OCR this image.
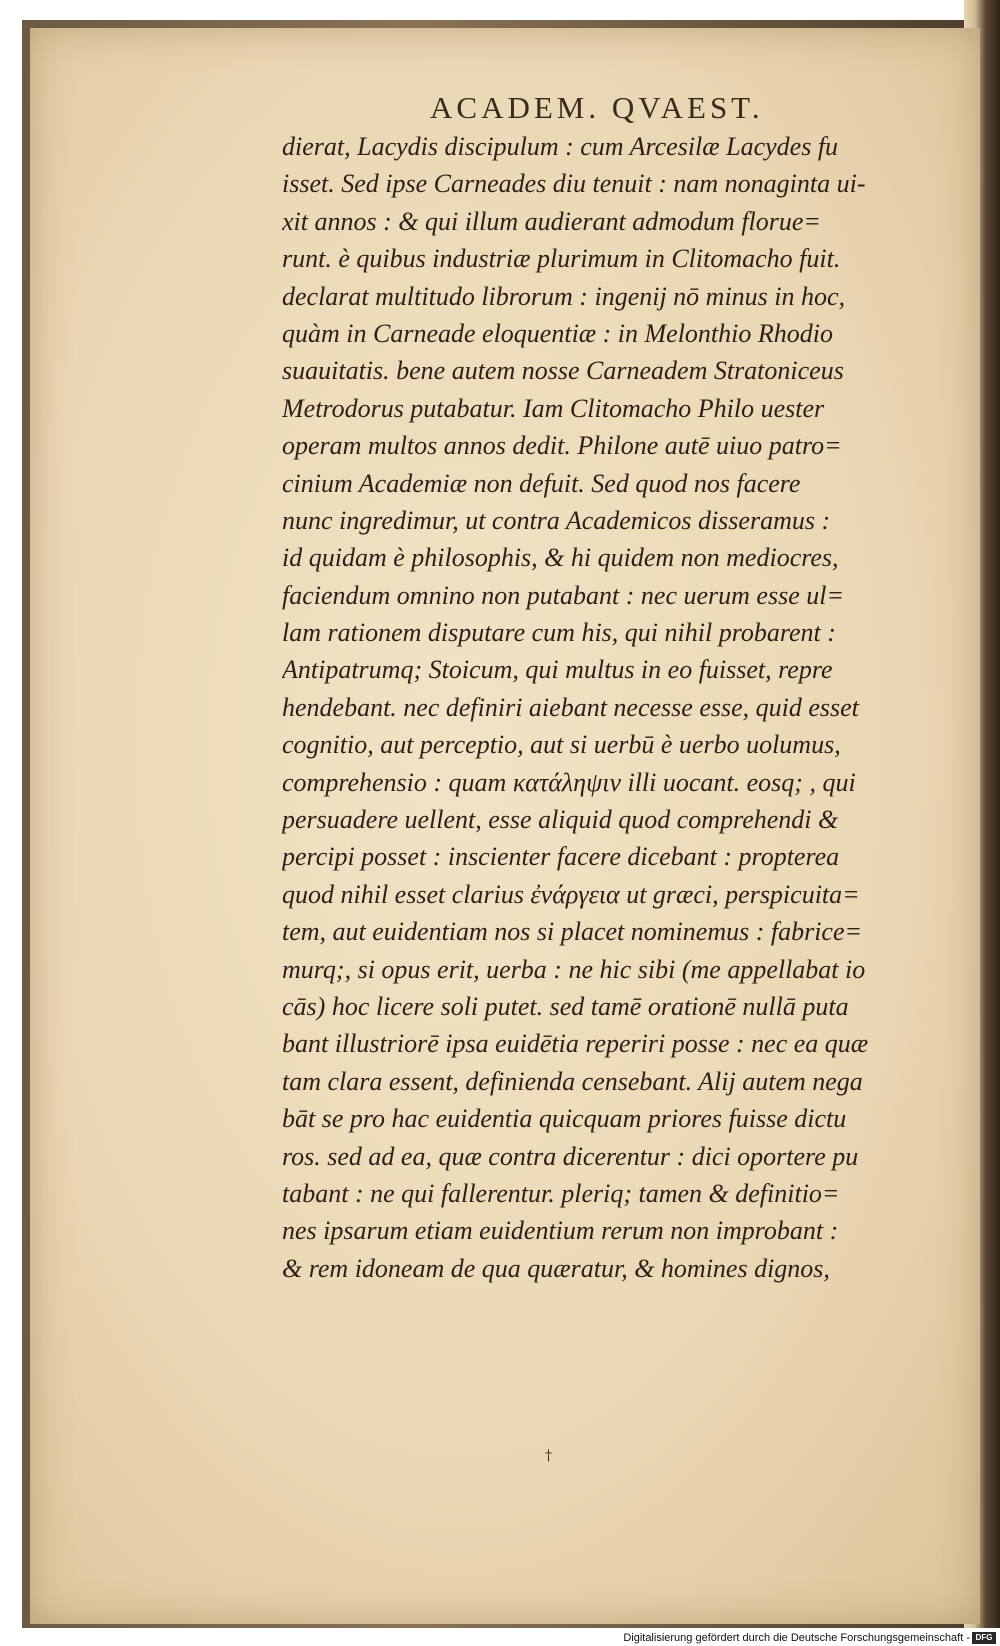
ACADEM. QVAEST.
dierat, Lacydis discipulum : cum Arcesilæ Lacydes fu
isset. Sed ipse Carneades diu tenuit : nam nonaginta ui-
xit annos : & qui illum audierant admodum florue=
runt. è quibus industriæ plurimum in Clitomacho fuit.
declarat multitudo librorum : ingenij nō minus in hoc,
quàm in Carneade eloquentiæ : in Melonthio Rhodio
suauitatis. bene autem nosse Carneadem Stratoniceus
Metrodorus putabatur. Iam Clitomacho Philo uester
operam multos annos dedit. Philone autē uiuo patro=
cinium Academiæ non defuit. Sed quod nos facere
nunc ingredimur, ut contra Academicos disseramus :
id quidam è philosophis, & hi quidem non mediocres,
faciendum omnino non putabant : nec uerum esse ul=
lam rationem disputare cum his, qui nihil probarent :
Antipatrumq; Stoicum, qui multus in eo fuisset, repre
hendebant. nec definiri aiebant necesse esse, quid esset
cognitio, aut perceptio, aut si uerbū è uerbo uolumus,
comprehensio : quam κατάληψιν illi uocant. eosq; , qui
persuadere uellent, esse aliquid quod comprehendi &
percipi posset : inscienter facere dicebant : propterea
quod nihil esset clarius ἐνάργεια ut græci, perspicuita=
tem, aut euidentiam nos si placet nominemus : fabrice=
murq;, si opus erit, uerba : ne hic sibi (me appellabat io
cās) hoc licere soli putet. sed tamē orationē nullā puta
bant illustriorē ipsa euidētia reperiri posse : nec ea quæ
tam clara essent, definienda censebant. Alij autem nega
bāt se pro hac euidentia quicquam priores fuisse dictu
ros. sed ad ea, quæ contra dicerentur : dici oportere pu
tabant : ne qui fallerentur. pleriq; tamen & definitio=
nes ipsarum etiam euidentium rerum non improbant :
& rem idoneam de qua quæratur, & homines dignos,
†
Digitalisierung gefördert durch die Deutsche Forschungsgemeinschaft - DFG
